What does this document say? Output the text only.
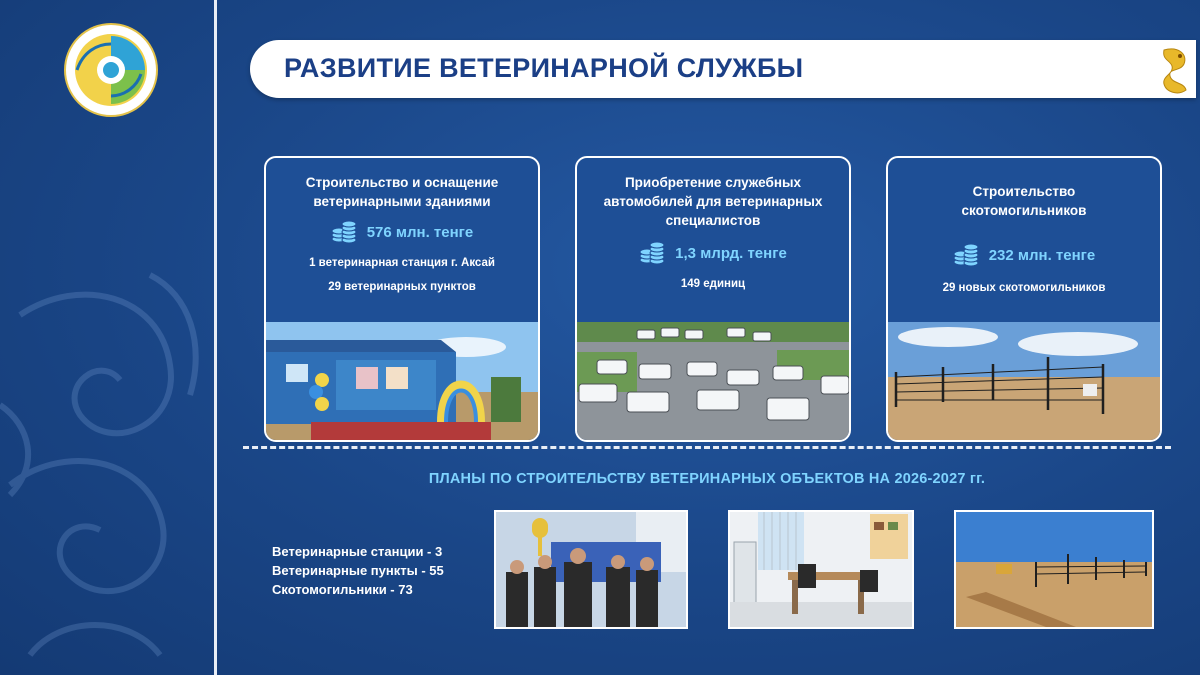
РАЗВИТИЕ ВЕТЕРИНАРНОЙ СЛУЖБЫ
Строительство и оснащение
ветеринарными зданиями
576 млн. тенге
1 ветеринарная станция г. Аксай
29 ветеринарных пунктов
Приобретение служебных
автомобилей для ветеринарных
специалистов
1,3 млрд. тенге
149 единиц
Строительство
скотомогильников
232 млн. тенге
29 новых скотомогильников
ПЛАНЫ ПО СТРОИТЕЛЬСТВУ ВЕТЕРИНАРНЫХ ОБЪЕКТОВ НА 2026-2027 гг.
Ветеринарные станции - 3
Ветеринарные пункты - 55
Скотомогильники - 73
